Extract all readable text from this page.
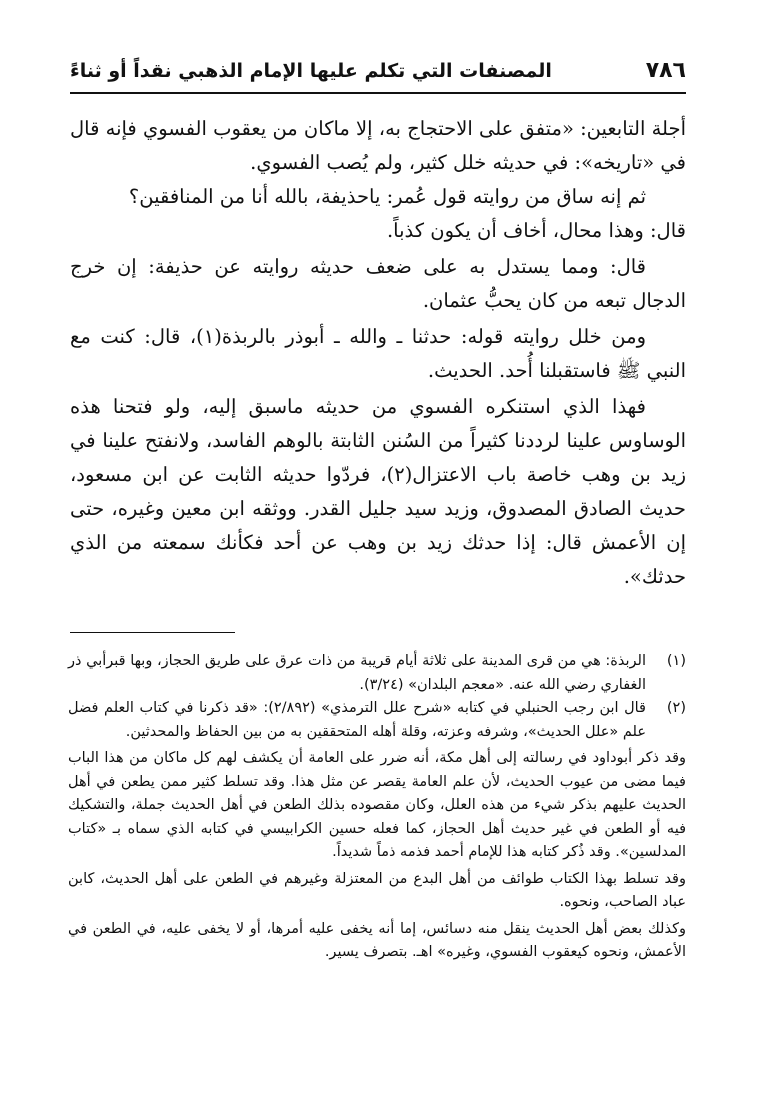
٧٨٦
المصنفات التي تكلم عليها الإمام الذهبي نقداً أو ثناءً

أجلة التابعين: «متفق على الاحتجاج به، إلا ماكان من يعقوب الفسوي فإنه قال في «تاريخه»: في حديثه خلل كثير، ولم يُصب الفسوي.

ثم إنه ساق من روايته قول عُمر: ياحذيفة، بالله أنا من المنافقين؟

قال: وهذا محال، أخاف أن يكون كذباً.

قال: ومما يستدل به على ضعف حديثه روايته عن حذيفة: إن خرج الدجال تبعه من كان يحبُّ عثمان.

ومن خلل روايته قوله: حدثنا ـ والله ـ أبوذر بالربذة(١)، قال: كنت مع النبي ﷺ فاستقبلنا أُحد. الحديث.

فهذا الذي استنكره الفسوي من حديثه ماسبق إليه، ولو فتحنا هذه الوساوس علينا لرددنا كثيراً من السُنن الثابتة بالوهم الفاسد، ولانفتح علينا في زيد بن وهب خاصة باب الاعتزال(٢)، فردّوا حديثه الثابت عن ابن مسعود، حديث الصادق المصدوق، وزيد سيد جليل القدر. ووثقه ابن معين وغيره، حتى إن الأعمش قال: إذا حدثك زيد بن وهب عن أحد فكأنك سمعته من الذي حدثك».

(١)
الربذة: هي من قرى المدينة على ثلاثة أيام قريبة من ذات عرق على طريق الحجاز، وبها قبرأبي ذر الغفاري رضي الله عنه. «معجم البلدان» (٣/٢٤).

(٢)
قال ابن رجب الحنبلي في كتابه «شرح علل الترمذي» (٢/٨٩٢): «قد ذكرنا في كتاب العلم فضل علم «علل الحديث»، وشرفه وعزته، وقلة أهله المتحققين به من بين الحفاظ والمحدثين.

وقد ذكر أبوداود في رسالته إلى أهل مكة، أنه ضرر على العامة أن يكشف لهم كل ماكان من هذا الباب فيما مضى من عيوب الحديث، لأن علم العامة يقصر عن مثل هذا. وقد تسلط كثير ممن يطعن في أهل الحديث عليهم بذكر شيء من هذه العلل، وكان مقصوده بذلك الطعن في أهل الحديث جملة، والتشكيك فيه أو الطعن في غير حديث أهل الحجاز، كما فعله حسين الكرابيسي في كتابه الذي سماه بـ «كتاب المدلسين». وقد ذُكر كتابه هذا للإمام أحمد فذمه ذماً شديداً.

وقد تسلط بهذا الكتاب طوائف من أهل البدع من المعتزلة وغيرهم في الطعن على أهل الحديث، كابن عباد الصاحب، ونحوه.

وكذلك بعض أهل الحديث ينقل منه دسائس، إما أنه يخفى عليه أمرها، أو لا يخفى عليه، في الطعن في الأعمش، ونحوه كيعقوب الفسوي، وغيره» اهـ. بتصرف يسير.
